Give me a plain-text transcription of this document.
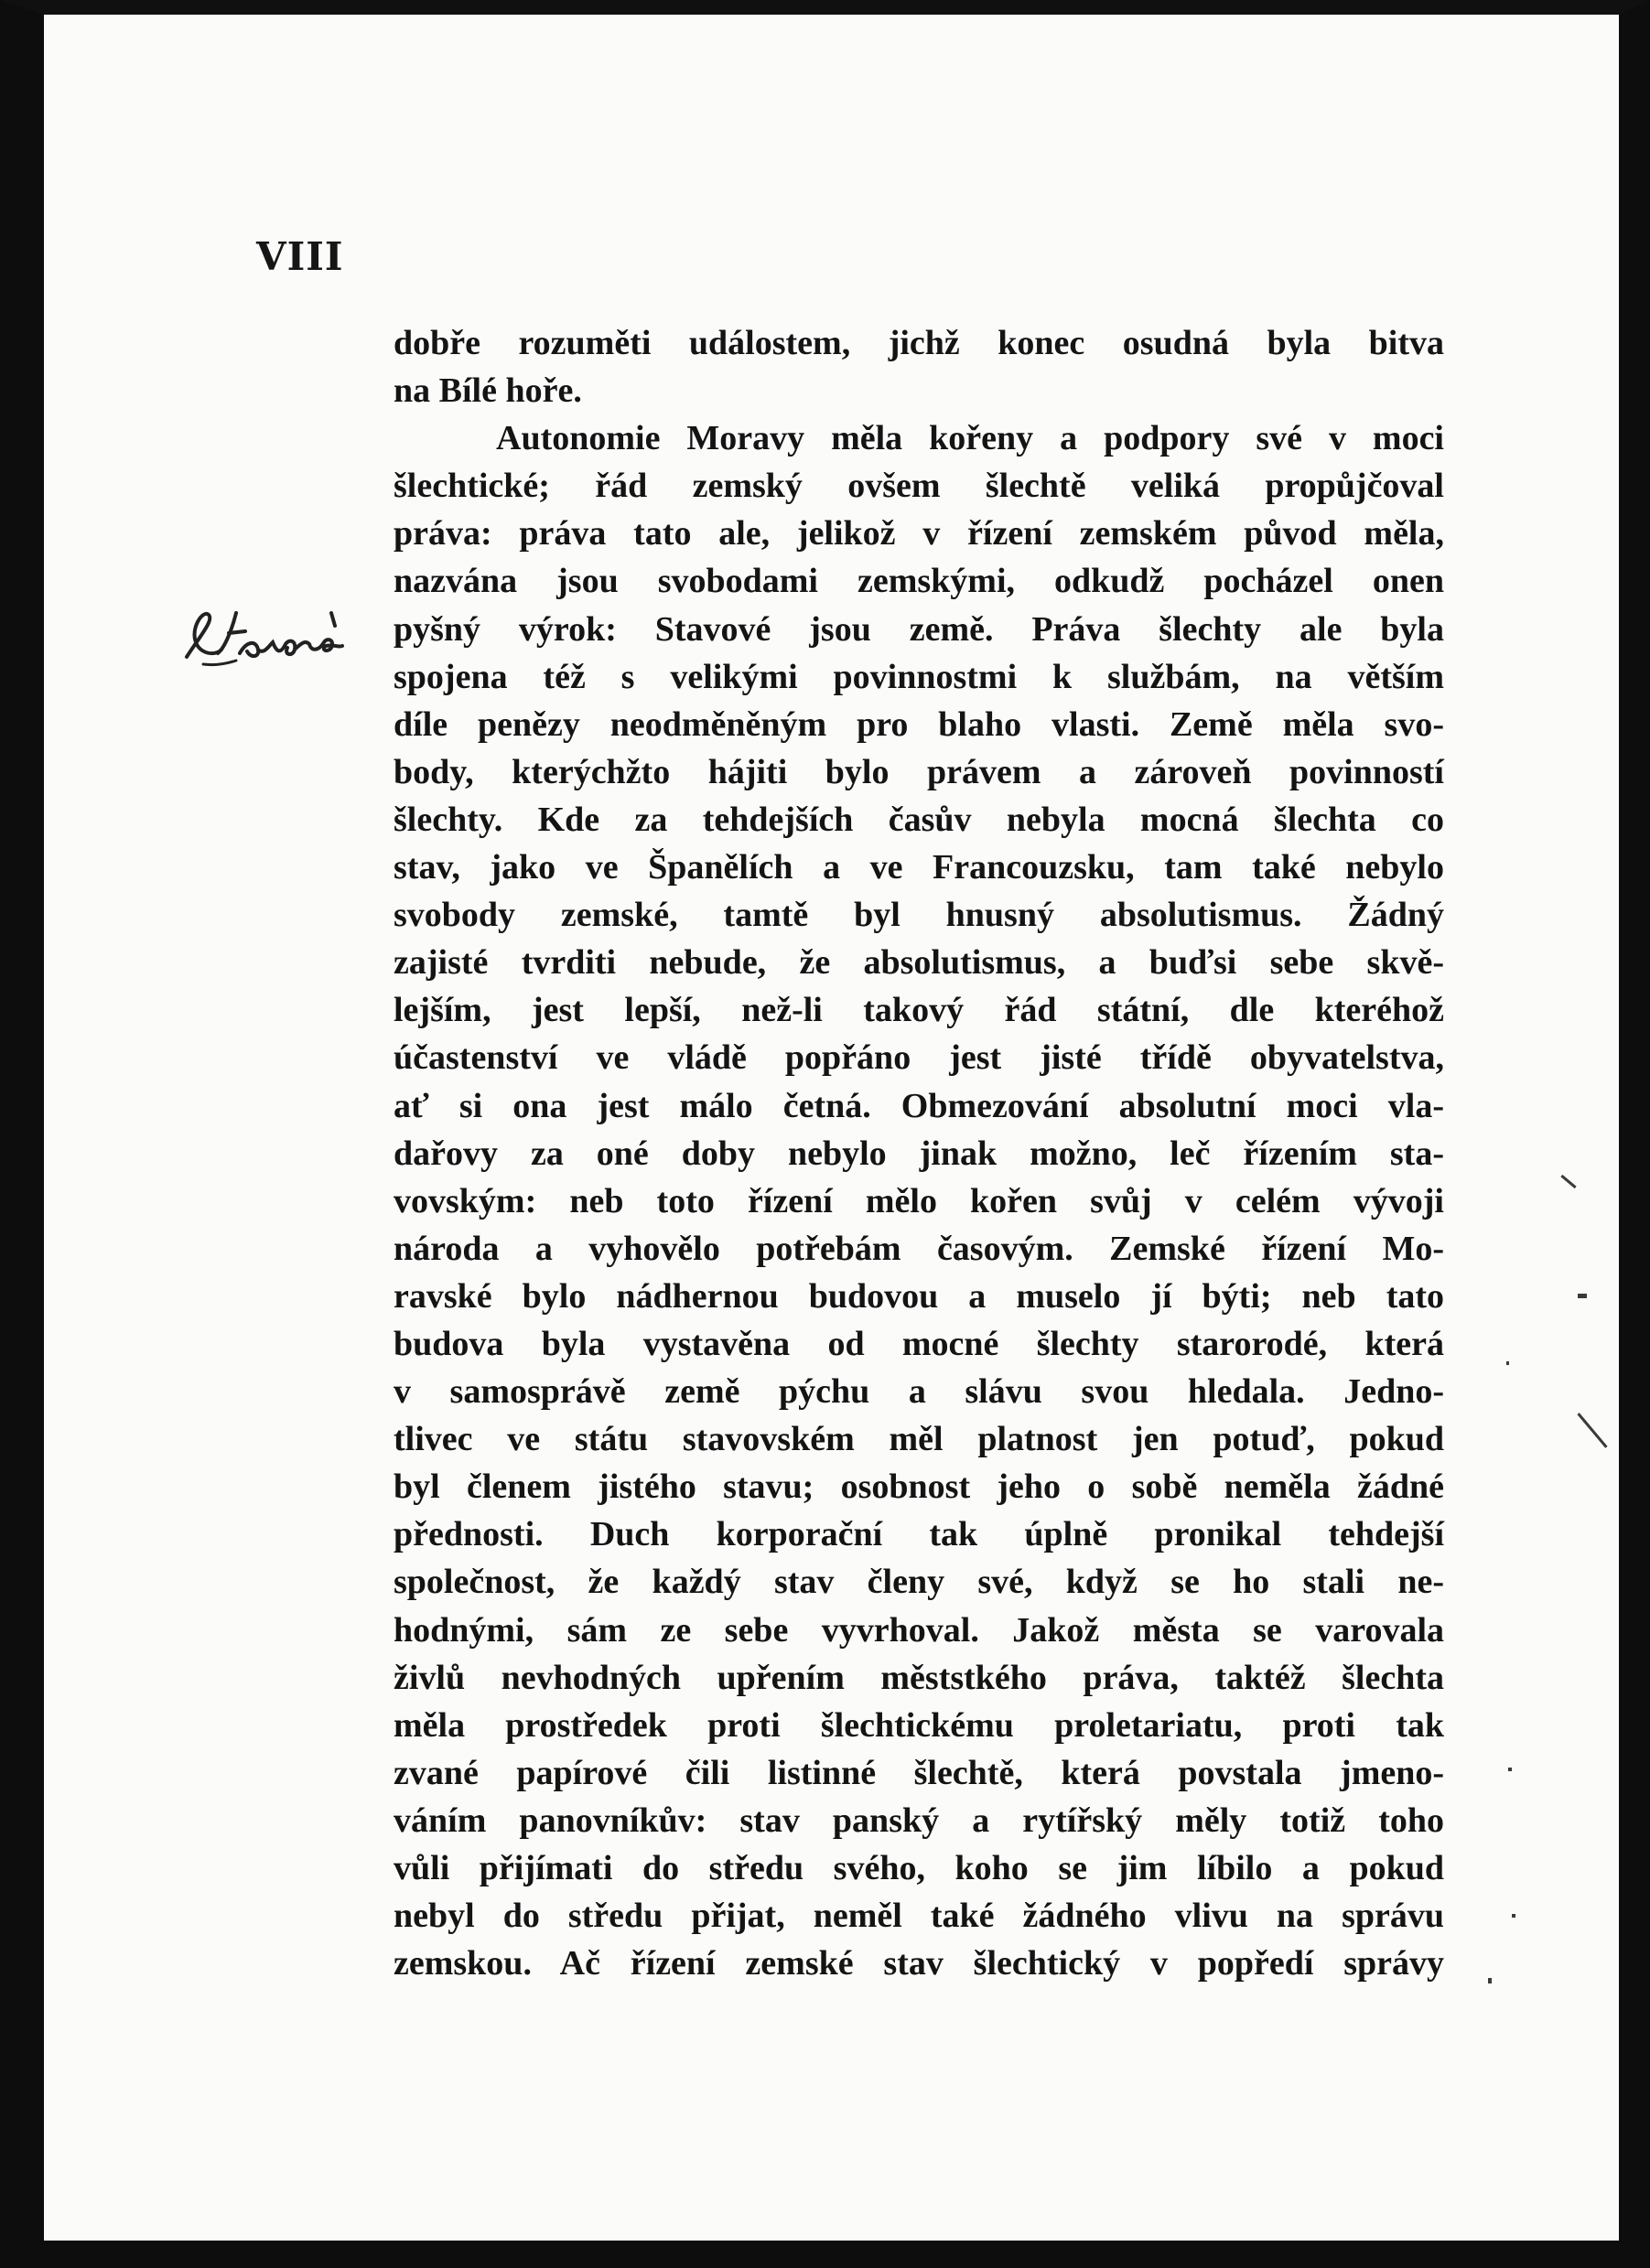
VIII
dobře rozuměti událostem, jichž konec osudná byla bitva
na Bílé hoře.
Autonomie Moravy měla kořeny a podpory své v moci
šlechtické; řád zemský ovšem šlechtě veliká propůjčoval
práva: práva tato ale, jelikož v řízení zemském původ měla,
nazvána jsou svobodami zemskými, odkudž pocházel onen
pyšný výrok: Stavové jsou země. Práva šlechty ale byla
spojena též s velikými povinnostmi k službám, na větším
díle penězy neodměněným pro blaho vlasti. Země měla svo-
body, kterýchžto hájiti bylo právem a zároveň povinností
šlechty. Kde za tehdejších časův nebyla mocná šlechta co
stav, jako ve Španělích a ve Francouzsku, tam také nebylo
svobody zemské, tamtě byl hnusný absolutismus. Žádný
zajisté tvrditi nebude, že absolutismus, a buďsi sebe skvě-
lejším, jest lepší, než-li takový řád státní, dle kteréhož
účastenství ve vládě popřáno jest jisté třídě obyvatelstva,
ať si ona jest málo četná. Obmezování absolutní moci vla-
dařovy za oné doby nebylo jinak možno, leč řízením sta-
vovským: neb toto řízení mělo kořen svůj v celém vývoji
národa a vyhovělo potřebám časovým. Zemské řízení Mo-
ravské bylo nádhernou budovou a muselo jí býti; neb tato
budova byla vystavěna od mocné šlechty starorodé, která
v samosprávě země pýchu a slávu svou hledala. Jedno-
tlivec ve státu stavovském měl platnost jen potuď, pokud
byl členem jistého stavu; osobnost jeho o sobě neměla žádné
přednosti. Duch korporační tak úplně pronikal tehdejší
společnost, že každý stav členy své, když se ho stali ne-
hodnými, sám ze sebe vyvrhoval. Jakož města se varovala
živlů nevhodných upřením měststkého práva, taktéž šlechta
měla prostředek proti šlechtickému proletariatu, proti tak
zvané papírové čili listinné šlechtě, která povstala jmeno-
váním panovníkův: stav panský a rytířský měly totiž toho
vůli přijímati do středu svého, koho se jim líbilo a pokud
nebyl do středu přijat, neměl také žádného vlivu na správu
zemskou. Ač řízení zemské stav šlechtický v popředí správy
